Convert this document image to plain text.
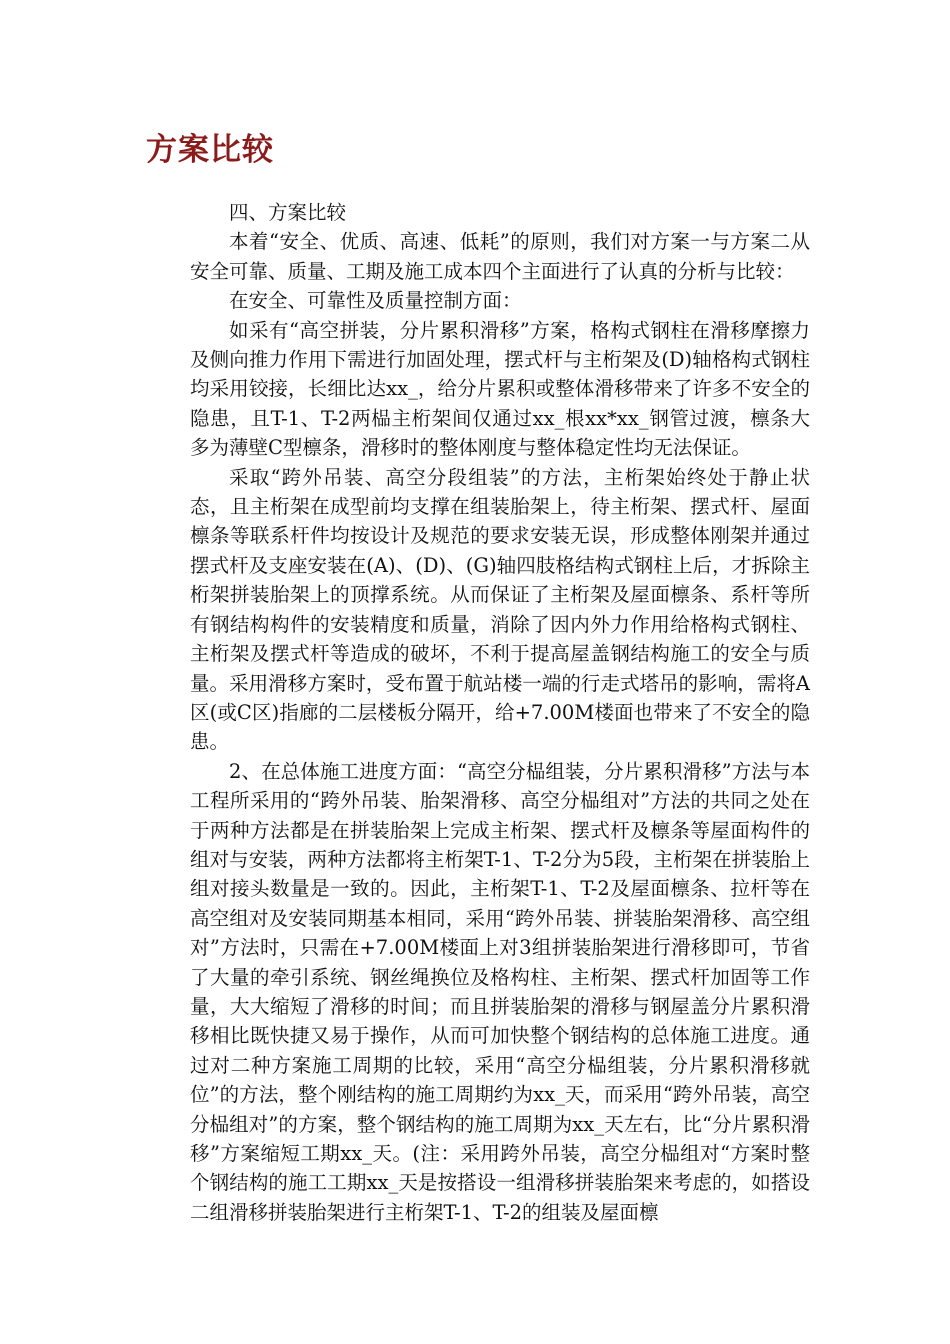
方案比较

四、方案比较

本着“安全、优质、高速、低耗”的原则，我们对方案一与方案二从安全可靠、质量、工期及施工成本四个主面进行了认真的分析与比较：

在安全、可靠性及质量控制方面：

如采有“高空拼装，分片累积滑移”方案，格构式钢柱在滑移摩擦力及侧向推力作用下需进行加固处理，摆式杆与主桁架及(D)轴格构式钢柱均采用铰接，长细比达xx_，给分片累积或整体滑移带来了许多不安全的隐患，且T-1、T-2两榀主桁架间仅通过xx_根xx*xx_钢管过渡，檩条大多为薄壁C型檩条，滑移时的整体刚度与整体稳定性均无法保证。

采取“跨外吊装、高空分段组装”的方法，主桁架始终处于静止状态，且主桁架在成型前均支撑在组装胎架上，待主桁架、摆式杆、屋面檩条等联系杆件均按设计及规范的要求安装无误，形成整体刚架并通过摆式杆及支座安装在(A)、(D)、(G)轴四肢格结构式钢柱上后，才拆除主桁架拼装胎架上的顶撑系统。从而保证了主桁架及屋面檩条、系杆等所有钢结构构件的安装精度和质量，消除了因内外力作用给格构式钢柱、主桁架及摆式杆等造成的破坏，不利于提高屋盖钢结构施工的安全与质量。采用滑移方案时，受布置于航站楼一端的行走式塔吊的影响，需将A区(或C区)指廊的二层楼板分隔开，给+7.00M楼面也带来了不安全的隐患。

2、在总体施工进度方面：“高空分榀组装，分片累积滑移”方法与本工程所采用的“跨外吊装、胎架滑移、高空分榀组对”方法的共同之处在于两种方法都是在拼装胎架上完成主桁架、摆式杆及檩条等屋面构件的组对与安装，两种方法都将主桁架T-1、T-2分为5段，主桁架在拼装胎上组对接头数量是一致的。因此，主桁架T-1、T-2及屋面檩条、拉杆等在高空组对及安装同期基本相同，采用“跨外吊装、拼装胎架滑移、高空组对”方法时，只需在+7.00M楼面上对3组拼装胎架进行滑移即可，节省了大量的牵引系统、钢丝绳换位及格构柱、主桁架、摆式杆加固等工作量，大大缩短了滑移的时间；而且拼装胎架的滑移与钢屋盖分片累积滑移相比既快捷又易于操作，从而可加快整个钢结构的总体施工进度。通过对二种方案施工周期的比较，采用“高空分榀组装，分片累积滑移就位”的方法，整个刚结构的施工周期约为xx_天，而采用“跨外吊装，高空分榀组对”的方案，整个钢结构的施工周期为xx_天左右，比“分片累积滑移”方案缩短工期xx_天。(注：采用跨外吊装，高空分榀组对“方案时整个钢结构的施工工期xx_天是按搭设一组滑移拼装胎架来考虑的，如搭设二组滑移拼装胎架进行主桁架T-1、T-2的组装及屋面檩
